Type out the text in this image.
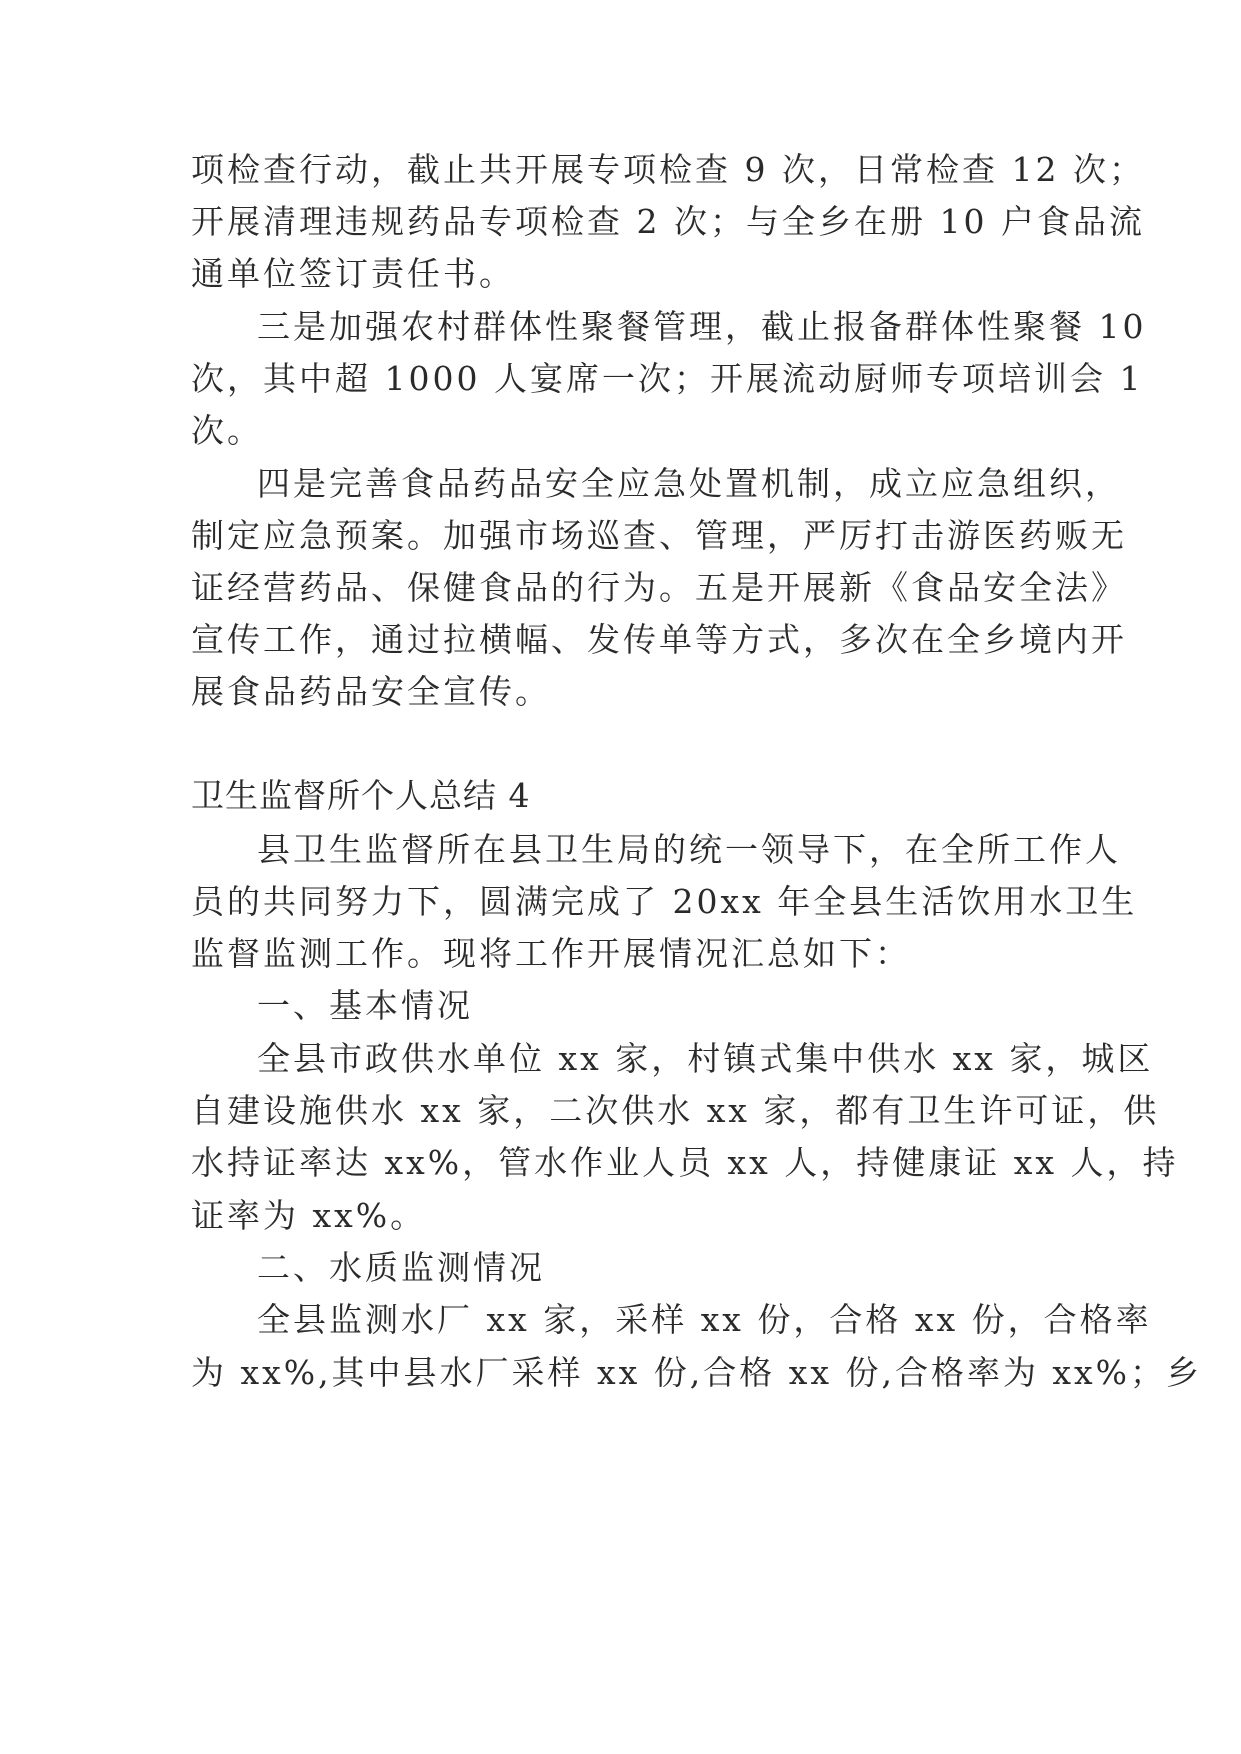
项检查行动，截止共开展专项检查 9 次，日常检查 12 次；
开展清理违规药品专项检查 2 次；与全乡在册 10 户食品流
通单位签订责任书。
三是加强农村群体性聚餐管理，截止报备群体性聚餐 10
次，其中超 1000 人宴席一次；开展流动厨师专项培训会 1
次。
四是完善食品药品安全应急处置机制，成立应急组织，
制定应急预案。加强市场巡查、管理，严厉打击游医药贩无
证经营药品、保健食品的行为。五是开展新《食品安全法》
宣传工作，通过拉横幅、发传单等方式，多次在全乡境内开
展食品药品安全宣传。
卫生监督所个人总结 4
县卫生监督所在县卫生局的统一领导下，在全所工作人
员的共同努力下，圆满完成了 20xx 年全县生活饮用水卫生
监督监测工作。现将工作开展情况汇总如下：
一、基本情况
全县市政供水单位 xx 家，村镇式集中供水 xx 家，城区
自建设施供水 xx 家，二次供水 xx 家，都有卫生许可证，供
水持证率达 xx%，管水作业人员 xx 人，持健康证 xx 人，持
证率为 xx%。
二、水质监测情况
全县监测水厂 xx 家，采样 xx 份，合格 xx 份，合格率
为 xx%,其中县水厂采样 xx 份,合格 xx 份,合格率为 xx%；乡
